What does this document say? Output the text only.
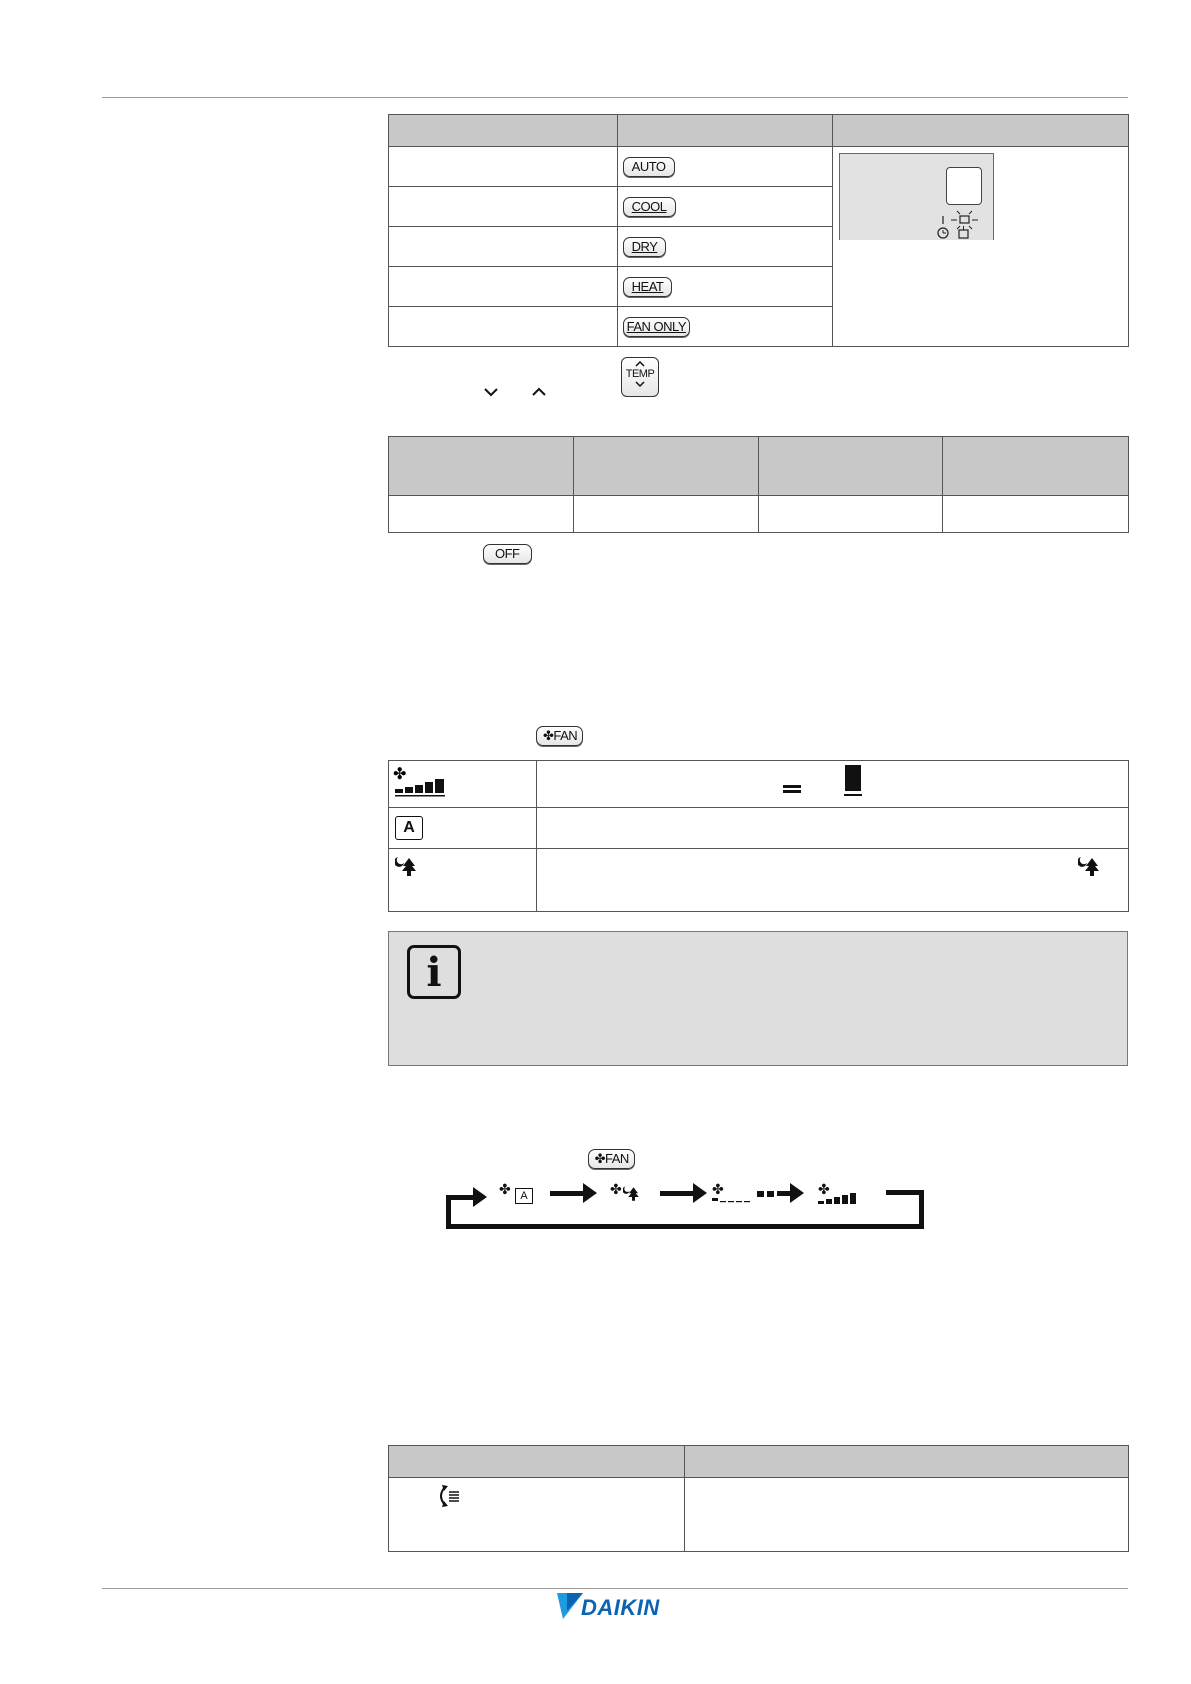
	AUTO	

	COOL	
	DRY	
	HEAT	
	FAN ONLY	
TEMP

OFF ✤FAN
✤

A	

i
✤FAN
✤ A	✤	✤	✤

DAIKIN
